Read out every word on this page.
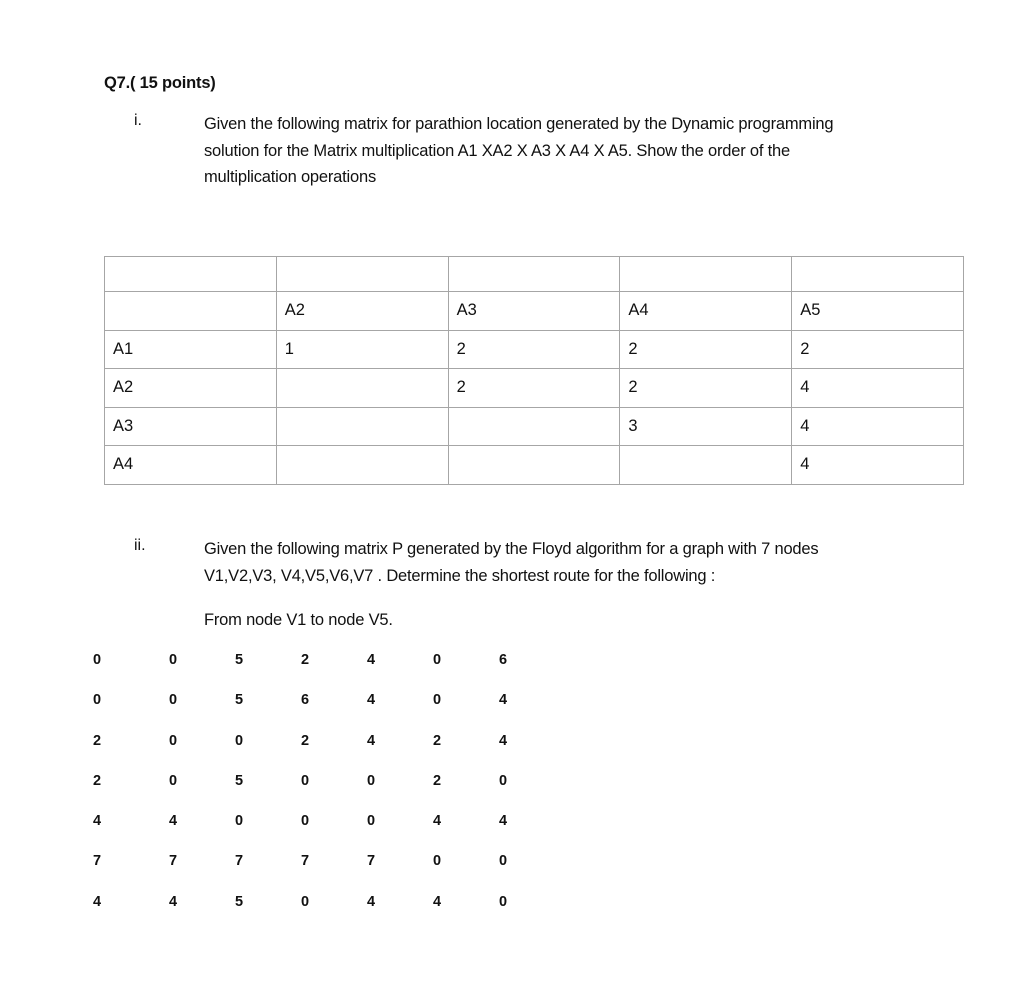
Q7.( 15 points)
i.	Given the following matrix for parathion location generated by the Dynamic programming

solution for the Matrix multiplication A1 XA2 X A3 X A4 X A5. Show the order of the

multiplication operations

	A2	A3	A4	A5
A1	1	2	2	2
A2		2	2	4
A3			3	4
A4				4
ii.	Given the following matrix P generated by the Floyd algorithm for a graph with 7 nodes

V1,V2,V3, V4,V5,V6,V7 . Determine the shortest route for the following :

From node V1 to node V5.
0	0	5	2	4	0	6
0	0	5	6	4	0	4
2	0	0	2	4	2	4
2	0	5	0	0	2	0
4	4	0	0	0	4	4
7	7	7	7	7	0	0
4	4	5	0	4	4	0
